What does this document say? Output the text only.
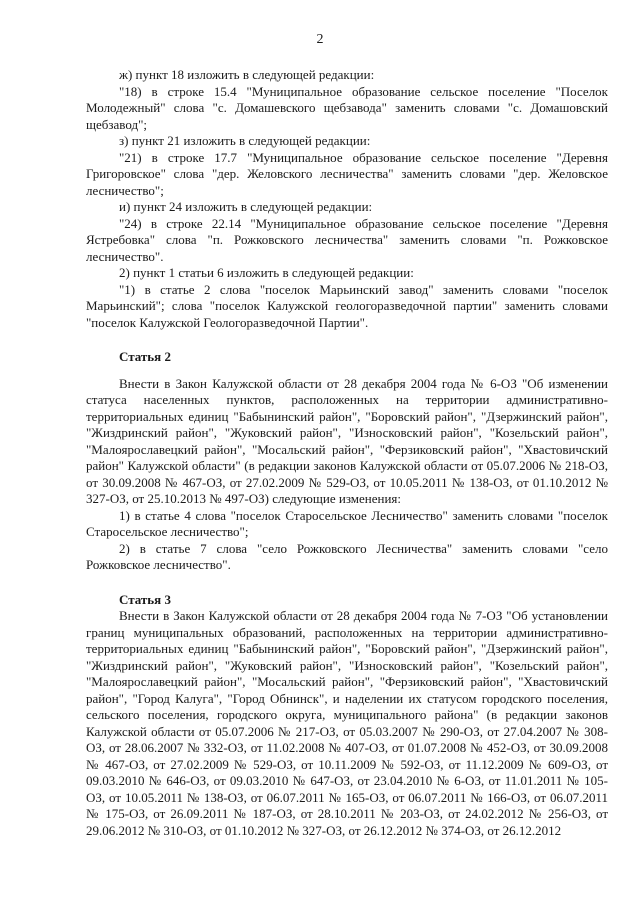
2

ж) пункт 18 изложить в следующей редакции:

"18) в строке 15.4 "Муниципальное образование сельское поселение "Поселок Молодежный" слова "с. Домашевского щебзавода" заменить словами "с. Домашовский щебзавод";

з) пункт 21 изложить в следующей редакции:

"21) в строке 17.7 "Муниципальное образование сельское поселение "Деревня Григоровское" слова "дер. Желовского лесничества" заменить словами "дер. Желовское лесничество";

и) пункт 24 изложить в следующей редакции:

"24) в строке 22.14 "Муниципальное образование сельское поселение "Деревня Ястребовка" слова "п. Рожковского лесничества" заменить словами "п. Рожковское лесничество".

2) пункт 1 статьи 6 изложить в следующей редакции:

"1) в статье 2 слова "поселок Марьинский завод" заменить словами "поселок Марьинский"; слова "поселок Калужской геологоразведочной партии" заменить словами "поселок Калужской Геологоразведочной Партии".

Статья 2

Внести в Закон Калужской области от 28 декабря 2004 года № 6-ОЗ "Об изменении статуса населенных пунктов, расположенных на территории административно-территориальных единиц "Бабынинский район", "Боровский район", "Дзержинский район", "Жиздринский район", "Жуковский район", "Износковский район", "Козельский район", "Малоярославецкий район", "Мосальский район", "Ферзиковский район", "Хвастовичский район" Калужской области" (в редакции законов Калужской области от 05.07.2006 № 218-ОЗ, от 30.09.2008 № 467-ОЗ, от 27.02.2009 № 529-ОЗ, от 10.05.2011 № 138-ОЗ, от 01.10.2012 № 327-ОЗ, от 25.10.2013 № 497-ОЗ) следующие изменения:

1) в статье 4 слова "поселок Старосельское Лесничество" заменить словами "поселок Старосельское лесничество";

2) в статье 7 слова "село Рожковского Лесничества" заменить словами "село Рожковское лесничество".

Статья 3

Внести в Закон Калужской области от 28 декабря 2004 года № 7-ОЗ "Об установлении границ муниципальных образований, расположенных на территории административно-территориальных единиц "Бабынинский район", "Боровский район", "Дзержинский район", "Жиздринский район", "Жуковский район", "Износковский район", "Козельский район", "Малоярославецкий район", "Мосальский район", "Ферзиковский район", "Хвастовичский район", "Город Калуга", "Город Обнинск", и наделении их статусом городского поселения, сельского поселения, городского округа, муниципального района" (в редакции законов Калужской области от 05.07.2006 № 217-ОЗ, от 05.03.2007 № 290-ОЗ, от 27.04.2007 № 308-ОЗ, от 28.06.2007 № 332-ОЗ, от 11.02.2008 № 407-ОЗ, от 01.07.2008 № 452-ОЗ, от 30.09.2008 № 467-ОЗ, от 27.02.2009 № 529-ОЗ, от 10.11.2009 № 592-ОЗ, от 11.12.2009 № 609-ОЗ, от 09.03.2010 № 646-ОЗ, от 09.03.2010 № 647-ОЗ, от 23.04.2010 № 6-ОЗ, от 11.01.2011 № 105-ОЗ, от 10.05.2011 № 138-ОЗ, от 06.07.2011 № 165-ОЗ, от 06.07.2011 № 166-ОЗ, от 06.07.2011 № 175-ОЗ, от 26.09.2011 № 187-ОЗ, от 28.10.2011 № 203-ОЗ, от 24.02.2012 № 256-ОЗ, от 29.06.2012 № 310-ОЗ, от 01.10.2012 № 327-ОЗ, от 26.12.2012 № 374-ОЗ, от 26.12.2012
